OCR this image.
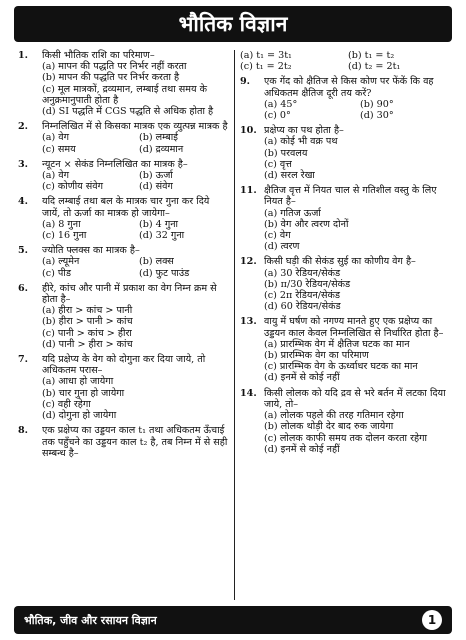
भौतिक विज्ञान
1.	किसी भौतिक राशि का परिमाण–
(a) मापन की पद्धति पर निर्भर नहीं करता
(b) मापन की पद्धति पर निर्भर करता है
(c) मूल मात्रकों, द्रव्यमान, लम्बाई तथा समय के अनुक्रमानुपाती होता है
(d) SI पद्धति में CGS पद्धति से अधिक होता है
2.	निम्नलिखित में से किसका मात्रक एक व्युत्पन्न मात्रक है
(a) वेग	(b) लम्बाई
(c) समय	(d) द्रव्यमान
3.	न्यूटन × सेकंड निम्नलिखित का मात्रक है–
(a) वेग	(b) ऊर्जा
(c) कोणीय संवेग	(d) संवेग
4.	यदि लम्बाई तथा बल के मात्रक चार गुना कर दिये जायें, तो ऊर्जा का मात्रक हो जायेगा–
(a) 8 गुना	(b) 4 गुना
(c) 16 गुना	(d) 32 गुना
5.	ज्योति फ्लक्स का मात्रक है–
(a) ल्यूमेन	(b) लक्स
(c) पीड	(d) फुट पाउंड
6.	हीरे, कांच और पानी में प्रकाश का वेग निम्न क्रम से होता है–
(a) हीरा > कांच > पानी
(b) हीरा > पानी > कांच
(c) पानी > कांच > हीरा
(d) पानी > हीरा > कांच
7.	यदि प्रक्षेप्य के वेग को दोगुना कर दिया जाये, तो अधिकतम परास–
(a) आधा हो जायेगा
(b) चार गुना हो जायेगा
(c) वही रहेगा
(d) दोगुना हो जायेगा
8.	एक प्रक्षेप्य का उड्डयन काल t₁ तथा अधिकतम ऊँचाई तक पहुँचने का उड्डयन काल t₂ है, तब निम्न में से सही सम्बन्ध है–
(a) t₁ = 3t₁	(b) t₁ = t₂
(c) t₁ = 2t₂	(d) t₂ = 2t₁
9.	एक गेंद को क्षैतिज से किस कोण पर फेंकें कि वह अधिकतम क्षैतिज दूरी तय करें?
(a) 45°	(b) 90°
(c) 0°	(d) 30°
10. प्रक्षेप्य का पथ होता है–
(a) कोई भी वक्र पथ
(b) परवलय
(c) वृत्त
(d) सरल रेखा
11. क्षैतिज वृत्त में नियत चाल से गतिशील वस्तु के लिए नियत है–
(a) गतिज ऊर्जा
(b) वेग और त्वरण दोनों
(c) वेग
(d) त्वरण
12. किसी घड़ी की सेकंड सुई का कोणीय वेग है–
(a) 30 रेडियन/सेकंड
(b) π/30 रेडियन/सेकंड
(c) 2π रेडियन/सेकंड
(d) 60 रेडियन/सेकंड
13. वायु में घर्षण को नगण्य मानते हुए एक प्रक्षेप्य का उड्डयन काल केवल निम्नलिखित से निर्धारित होता है–
(a) प्रारम्भिक वेग में क्षैतिज घटक का मान
(b) प्रारम्भिक वेग का परिमाण
(c) प्रारम्भिक वेग के ऊर्ध्वाधर घटक का मान
(d) इनमें से कोई नहीं
14. किसी लोलक को यदि द्रव से भरे बर्तन में लटका दिया जाये, तो–
(a) लोलक पहले की तरह गतिमान रहेगा
(b) लोलक थोड़ी देर बाद रुक जायेगा
(c) लोलक काफी समय तक दोलन करता रहेगा
(d) इनमें से कोई नहीं
भौतिक, जीव और रसायन विज्ञान	1
